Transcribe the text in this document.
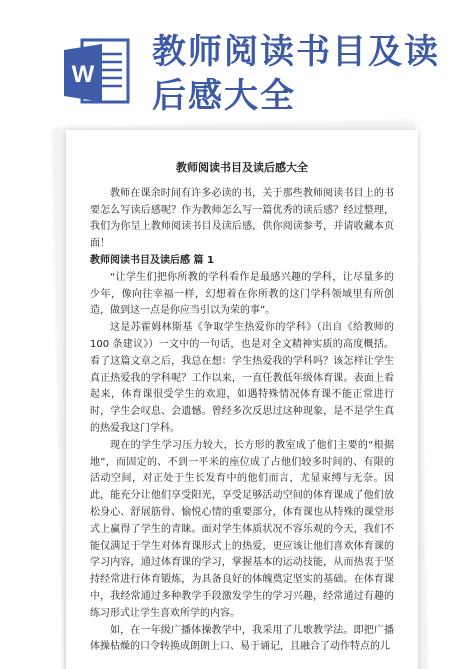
W
教师阅读书目及读后感大全
教师阅读书目及读后感大全

教师在课余时间有许多必读的书，关于那些教师阅读书目上的书要怎么写读后感呢？作为教师怎么写一篇优秀的读后感？经过整理，我们为你呈上教师阅读书目及读后感，供你阅读参考，并请收藏本页面！

教师阅读书目及读后感 篇 1

“让学生们把你所教的学科看作是最感兴趣的学科，让尽量多的少年，像向往幸福一样，幻想着在你所教的这门学科领域里有所创造，做到这一点是你应当引以为荣的事”。

这是苏霍姆林斯基《争取学生热爱你的学科》（出自《给教师的100 条建议》）一文中的一句话，也是对全文精神实质的高度概括。看了这篇文章之后，我总在想：学生热爱我的学科吗？该怎样让学生真正热爱我的学科呢？工作以来，一直任教低年级体育课。表面上看起来，体育课很受学生的欢迎，如遇特殊情况体育课不能正常进行时，学生会叹息、会遗憾。曾经多次反思过这种现象，是不是学生真的热爱我这门学科。

现在的学生学习压力较大，长方形的教室成了他们主要的“根据地”，而固定的、不到一平米的座位成了占他们较多时间的、有限的活动空间，对正处于生长发育中的他们而言，尤显束缚与无奈。因此，能充分让他们享受阳光，享受足够活动空间的体育课成了他们放松身心、舒展筋骨、愉悦心情的重要部分，体育课也从特殊的课堂形式上赢得了学生的青睐。面对学生体质状况不容乐观的今天，我们不能仅满足于学生对体育课形式上的热爱，更应该让他们喜欢体育课的学习内容，通过体育课的学习，掌握基本的运动技能，从而热衷于坚持经常进行体育锻炼，为具备良好的体魄奠定坚实的基础。在体育课中，我经常通过多种教学手段激发学生的学习兴趣，经常通过有趣的练习形式让学生喜欢所学的内容。

如，在一年级广播体操教学中，我采用了儿歌教学法。即把广播体操枯燥的口令转换成朗朗上口、易于诵记，且融合了动作特点的儿
